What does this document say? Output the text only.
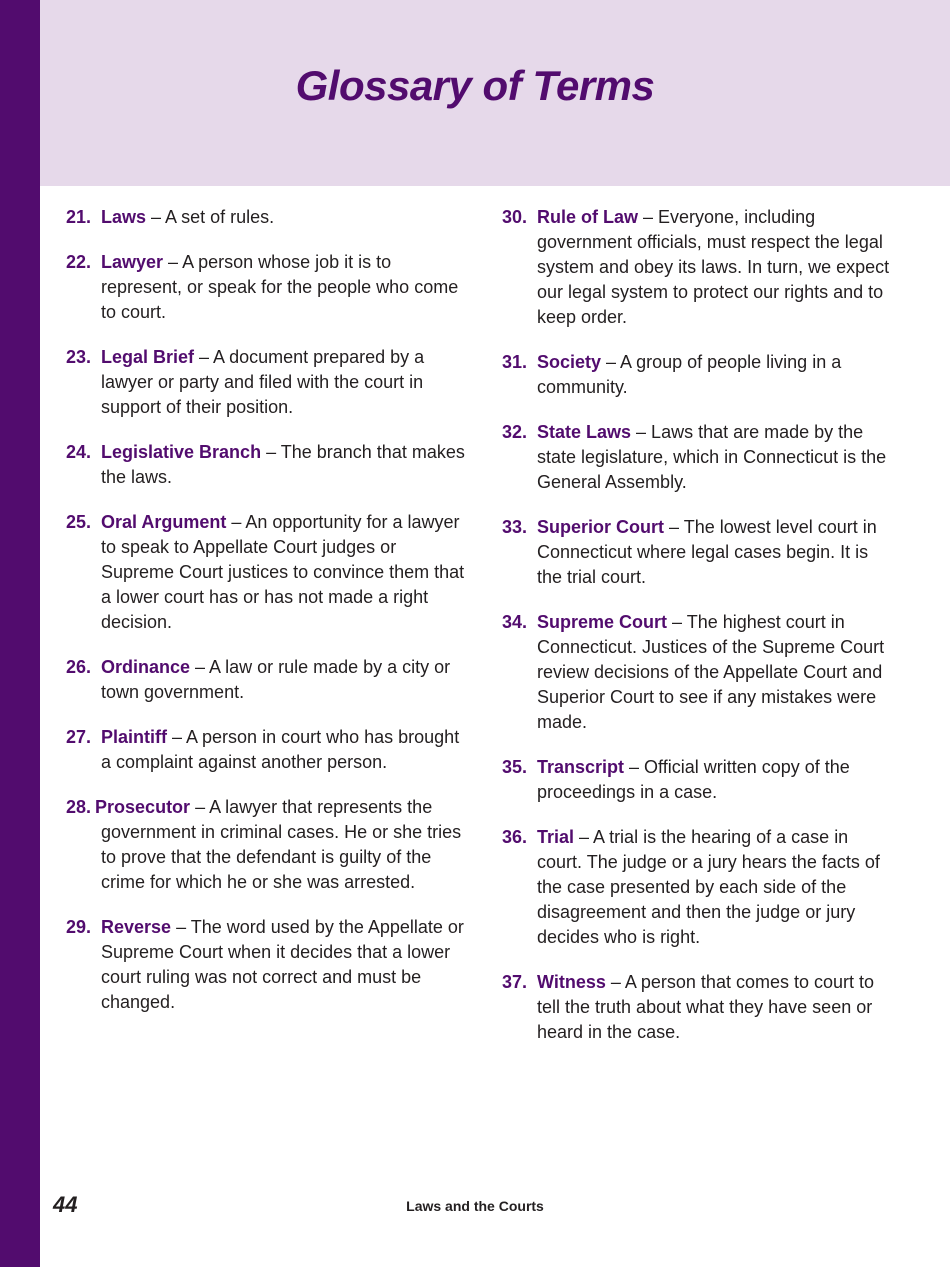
Glossary of Terms
21. Laws – A set of rules.
22. Lawyer – A person whose job it is to represent, or speak for the people who come to court.
23. Legal Brief – A document prepared by a lawyer or party and filed with the court in support of their position.
24. Legislative Branch – The branch that makes the laws.
25. Oral Argument – An opportunity for a lawyer to speak to Appellate Court judges or Supreme Court justices to convince them that a lower court has or has not made a right decision.
26. Ordinance – A law or rule made by a city or town government.
27. Plaintiff – A person in court who has brought a complaint against another person.
28. Prosecutor – A lawyer that represents the government in criminal cases. He or she tries to prove that the defendant is guilty of the crime for which he or she was arrested.
29. Reverse – The word used by the Appellate or Supreme Court when it decides that a lower court ruling was not correct and must be changed.
30. Rule of Law – Everyone, including government officials, must respect the legal system and obey its laws. In turn, we expect our legal system to protect our rights and to keep order.
31. Society – A group of people living in a community.
32. State Laws – Laws that are made by the state legislature, which in Connecticut is the General Assembly.
33. Superior Court – The lowest level court in Connecticut where legal cases begin. It is the trial court.
34. Supreme Court – The highest court in Connecticut. Justices of the Supreme Court review decisions of the Appellate Court and Superior Court to see if any mistakes were made.
35. Transcript – Official written copy of the proceedings in a case.
36. Trial – A trial is the hearing of a case in court. The judge or a jury hears the facts of the case presented by each side of the disagreement and then the judge or jury decides who is right.
37. Witness – A person that comes to court to tell the truth about what they have seen or heard in the case.
44	Laws and the Courts
